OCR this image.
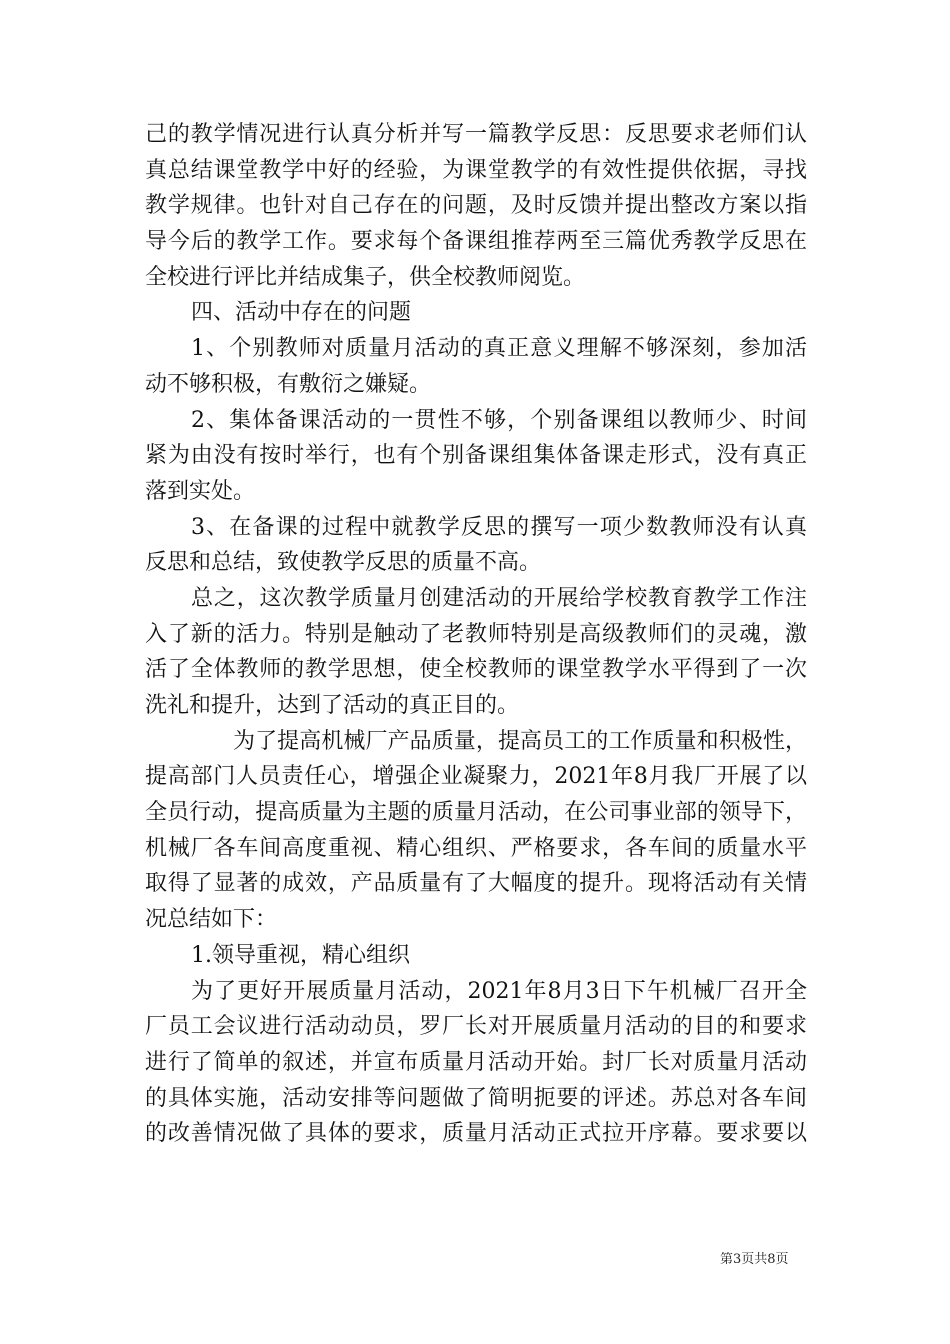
己的教学情况进行认真分析并写一篇教学反思：反思要求老师们认
真总结课堂教学中好的经验，为课堂教学的有效性提供依据，寻找
教学规律。也针对自己存在的问题，及时反馈并提出整改方案以指
导今后的教学工作。要求每个备课组推荐两至三篇优秀教学反思在
全校进行评比并结成集子，供全校教师阅览。
四、活动中存在的问题
1、个别教师对质量月活动的真正意义理解不够深刻，参加活
动不够积极，有敷衍之嫌疑。
2、集体备课活动的一贯性不够，个别备课组以教师少、时间
紧为由没有按时举行，也有个别备课组集体备课走形式，没有真正
落到实处。
3、在备课的过程中就教学反思的撰写一项少数教师没有认真
反思和总结，致使教学反思的质量不高。
总之，这次教学质量月创建活动的开展给学校教育教学工作注
入了新的活力。特别是触动了老教师特别是高级教师们的灵魂，激
活了全体教师的教学思想，使全校教师的课堂教学水平得到了一次
洗礼和提升，达到了活动的真正目的。
为了提高机械厂产品质量，提高员工的工作质量和积极性，
提高部门人员责任心，增强企业凝聚力，2021年8月我厂开展了以
全员行动，提高质量为主题的质量月活动，在公司事业部的领导下，
机械厂各车间高度重视、精心组织、严格要求，各车间的质量水平
取得了显著的成效，产品质量有了大幅度的提升。现将活动有关情
况总结如下：
1.领导重视，精心组织
为了更好开展质量月活动，2021年8月3日下午机械厂召开全
厂员工会议进行活动动员，罗厂长对开展质量月活动的目的和要求
进行了简单的叙述，并宣布质量月活动开始。封厂长对质量月活动
的具体实施，活动安排等问题做了简明扼要的评述。苏总对各车间
的改善情况做了具体的要求，质量月活动正式拉开序幕。要求要以
第3页共8页
